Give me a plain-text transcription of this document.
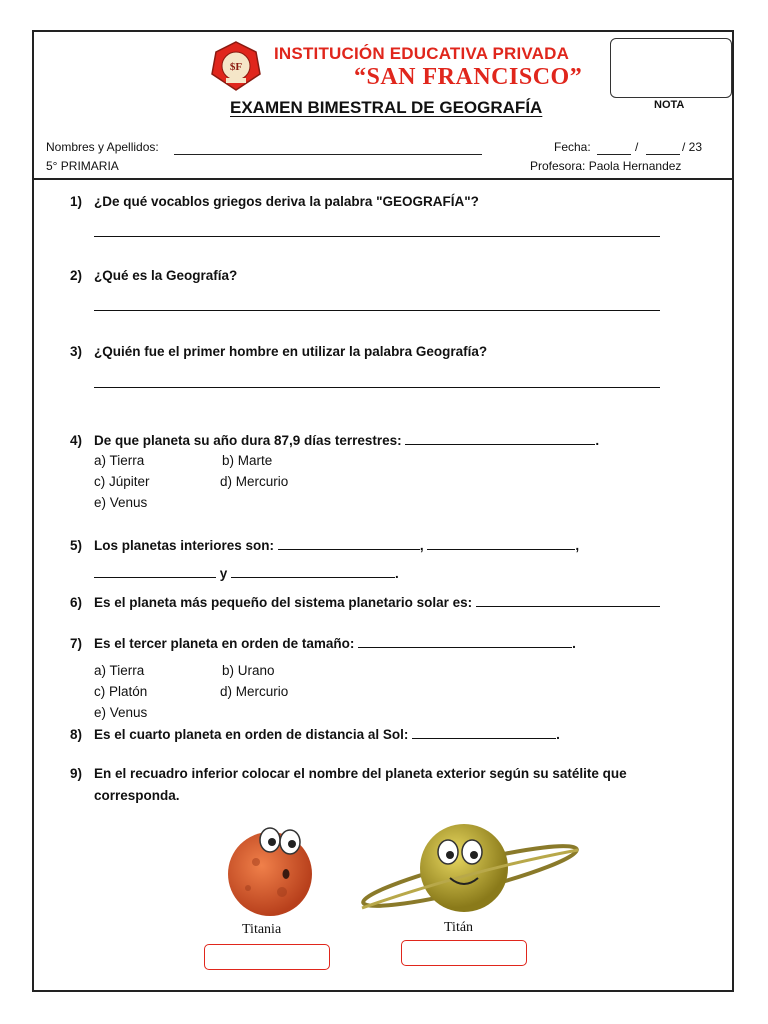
$F
INSTITUCIÓN EDUCATIVA PRIVADA
“SAN FRANCISCO”
EXAMEN BIMESTRAL DE GEOGRAFÍA	NOTA
Nombres y Apellidos:	Fecha:	/	/ 23
5° PRIMARIA	Profesora: Paola Hernandez
1) ¿De qué vocablos griegos deriva la palabra "GEOGRAFÍA"?
2) ¿Qué es la Geografía?
3) ¿Quién fue el primer hombre en utilizar la palabra Geografía?
4) De que planeta su año dura 87,9 días terrestres:	.
a) Tierra	b) Marte
c) Júpiter	d) Mercurio
e) Venus
5) Los planetas interiores son:	,	,
y	.
6) Es el planeta más pequeño del sistema planetario solar es:
7) Es el tercer planeta en orden de tamaño:	.
a) Tierra	b) Urano
c) Platón	d) Mercurio
e) Venus
8) Es el cuarto planeta en orden de distancia al Sol:	.
9) En el recuadro inferior colocar el nombre del planeta exterior según su satélite que
corresponda.
Titania	Titán
